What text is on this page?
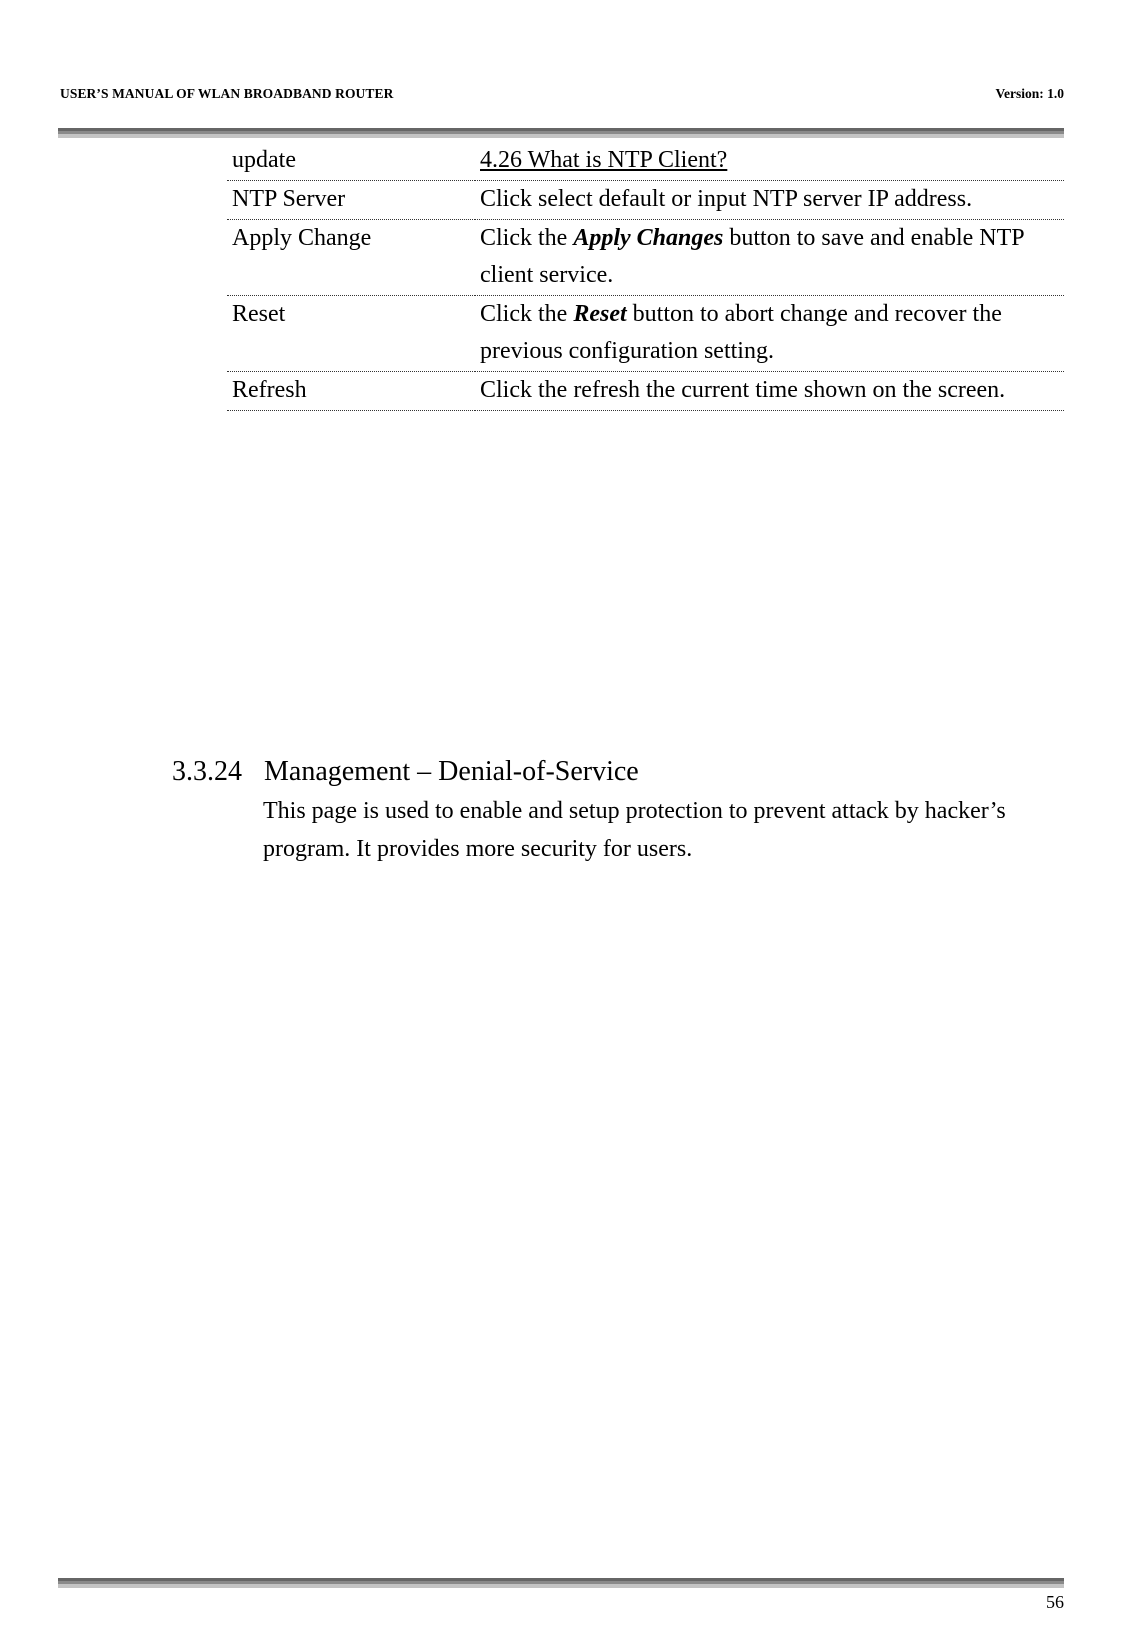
USER’S MANUAL OF WLAN BROADBAND ROUTER	Version: 1.0
update	4.26 What is NTP Client?
NTP Server	Click select default or input NTP server IP address.
Apply Change	Click the Apply Changes button to save and enable NTP client service.
Reset	Click the Reset button to abort change and recover the previous configuration setting.
Refresh	Click the refresh the current time shown on the screen.
3.3.24 Management – Denial-of-Service
This page is used to enable and setup protection to prevent attack by hacker’s program. It provides more security for users.
56
